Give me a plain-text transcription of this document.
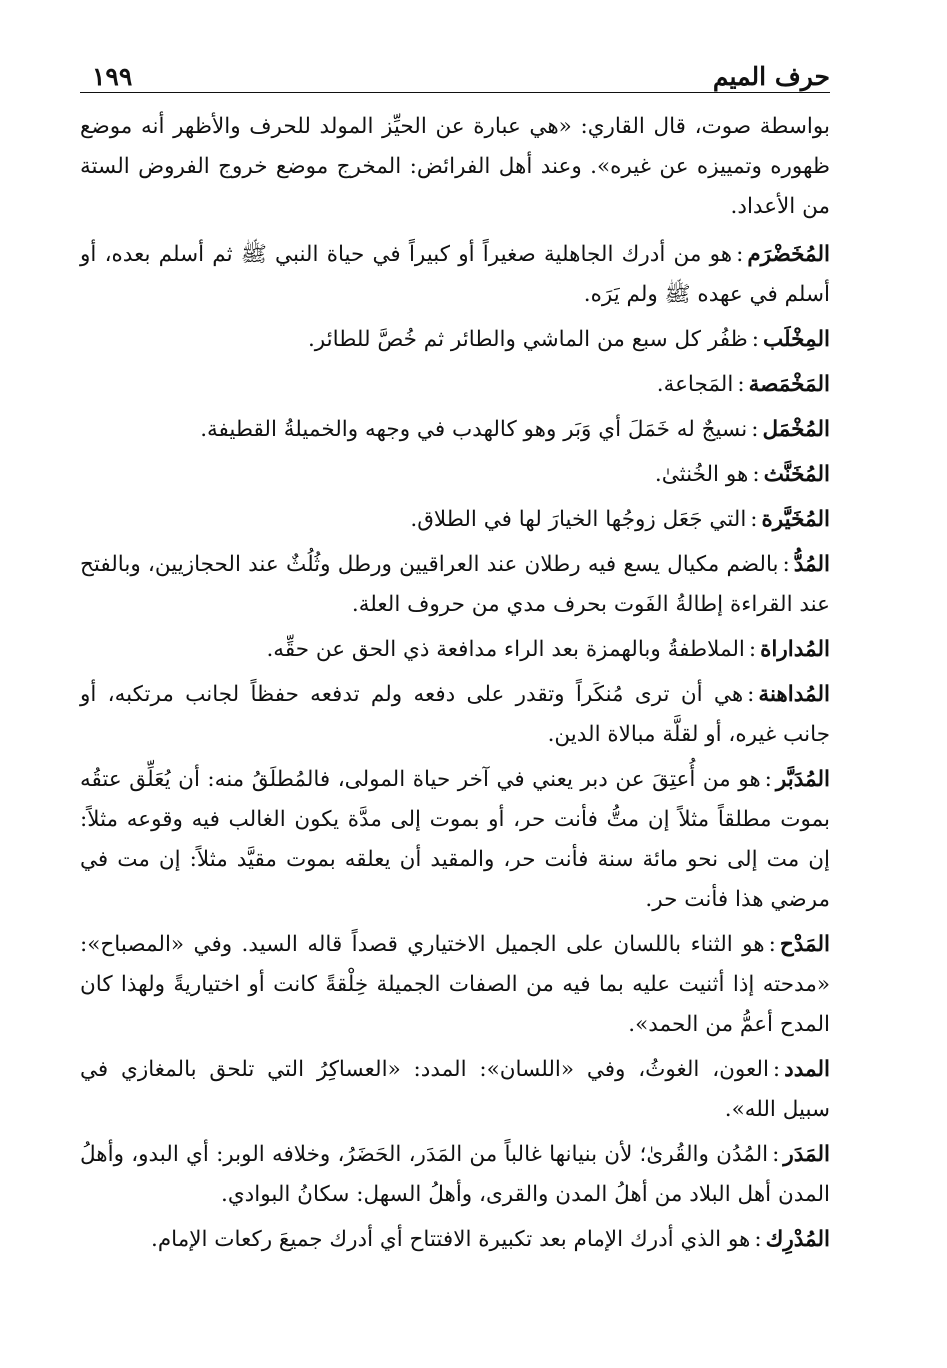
حرف الميم
١٩٩

بواسطة صوت، قال القاري: «هي عبارة عن الحيِّز المولد للحرف والأظهر أنه موضع ظهوره وتمييزه عن غيره». وعند أهل الفرائض: المخرج موضع خروج الفروض الستة من الأعداد.

المُخَضْرَم:هو من أدرك الجاهلية صغيراً أو كبيراً في حياة النبي ﷺ ثم أسلم بعده، أو أسلم في عهده ﷺ ولم يَرَه.

المِخْلَب:ظفُر كل سبع من الماشي والطائر ثم خُصَّ للطائر.

المَخْمَصة:المَجاعة.

المُخْمَل:نسيجٌ له خَمَلَ أي وَبَر وهو كالهدب في وجهه والخميلةُ القطيفة.

المُخَنَّث:هو الخُنثىٰ.

المُخَيَّرة:التي جَعَل زوجُها الخيارَ لها في الطلاق.

المُدُّ:بالضم مكيال يسع فيه رطلان عند العراقيين ورطل وثُلُثٌ عند الحجازيين، وبالفتح عند القراءة إطالةُ الفَوت بحرف مدي من حروف العلة.

المُداراة:الملاطفةُ وبالهمزة بعد الراء مدافعة ذي الحق عن حقِّه.

المُداهنة:هي أن ترى مُنكَراً وتقدر على دفعه ولم تدفعه حفظاً لجانب مرتكبه، أو جانب غيره، أو لقلَّة مبالاة الدين.

المُدَبَّر:هو من أُعتِقَ عن دبر يعني في آخر حياة المولى، فالمُطلَقُ منه: أن يُعَلِّق عتقُه بموت مطلقاً مثلاً إن متُّ فأنت حر، أو بموت إلى مدَّة يكون الغالب فيه وقوعه مثلاً: إن مت إلى نحو مائة سنة فأنت حر، والمقيد أن يعلقه بموت مقيَّد مثلاً: إن مت في مرضي هذا فأنت حر.

المَدْح:هو الثناء باللسان على الجميل الاختياري قصداً قاله السيد. وفي «المصباح»: «مدحته إذا أثنيت عليه بما فيه من الصفات الجميلة خِلْقةً كانت أو اختياريةً ولهذا كان المدح أعمُّ من الحمد».

المدد:العون، الغوثُ، وفي «اللسان»: المدد: «العساكِرُ التي تلحق بالمغازي في سبيل الله».

المَدَر:المُدُن والقُرىٰ؛ لأن بنيانها غالباً من المَدَر، الحَضَرُ، وخلافه الوبر: أي البدو، وأهلُ المدن أهل البلاد من أهلُ المدن والقرى، وأهلُ السهل: سكانُ البوادي.

المُدْرِك:هو الذي أدرك الإمام بعد تكبيرة الافتتاح أي أدرك جميعَ ركعات الإمام.
